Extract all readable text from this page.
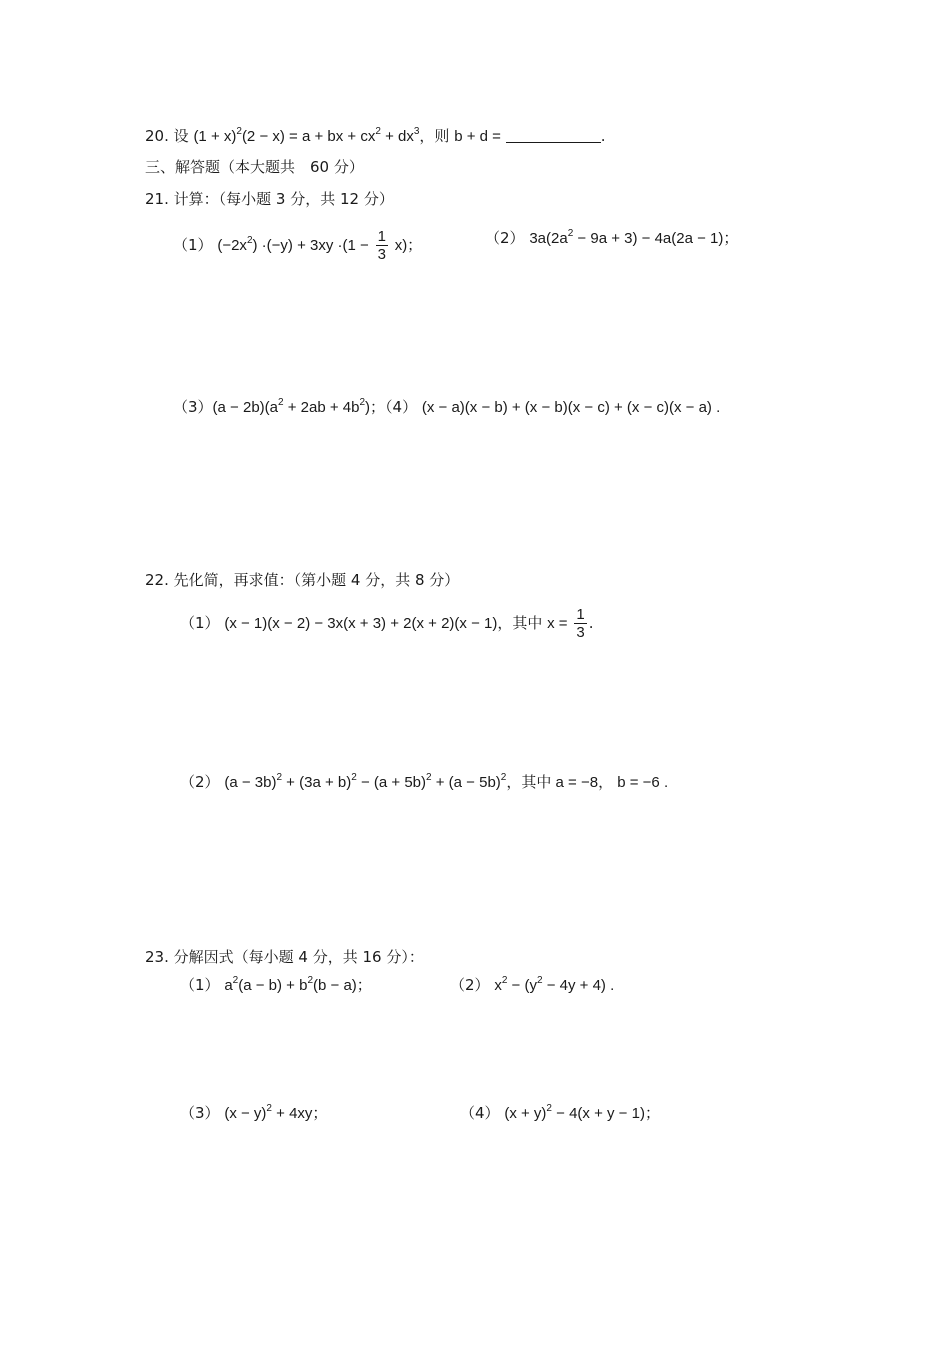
20. 设 $(1 + x)^2(2 - x) = a$ + bx + $cx^2 + dx^3$，则 b + d =	.
三、解答题（本大题共　60 分）
21. 计算：（每小题 3 分，共 12 分）
（1） $(-2x^2) \cdot(-y) + 3xy \cdot(1 - \frac{1}{3} x)$；	（2） $3a(2a^2 - 9a + 3) - 4a(2a - 1)$；
$(3)(a - 2b)(a^2 + 2ab + 4b^2)$；（4） (x − a)(x − b) + (x − b)(x − c) + (x − c)(x − a) .
22. 先化简，再求值：（第小题 4 分，共 8 分）
（1） (x − 1)(x − 2) − 3x(x + 3) + 2(x + 2)(x − 1)，其中 $x = \frac{1}{3}$ .
（2） $(a - 3b)^2 + (3a + b)^2 - (a + 5b)^2 + (a - 5b)^2$，其中 a = −8， b = −6 .
23. 分解因式（每小题 4 分，共 16 分）：
（1） $a^2(a - b) + b^2(b - a)$；	（2） $x^2 - (y^2 - 4y + 4)$ .
（3） $(x - y)^2 + 4xy$；	（4） $(x + y)^2 - 4(x + y - 1)$；
